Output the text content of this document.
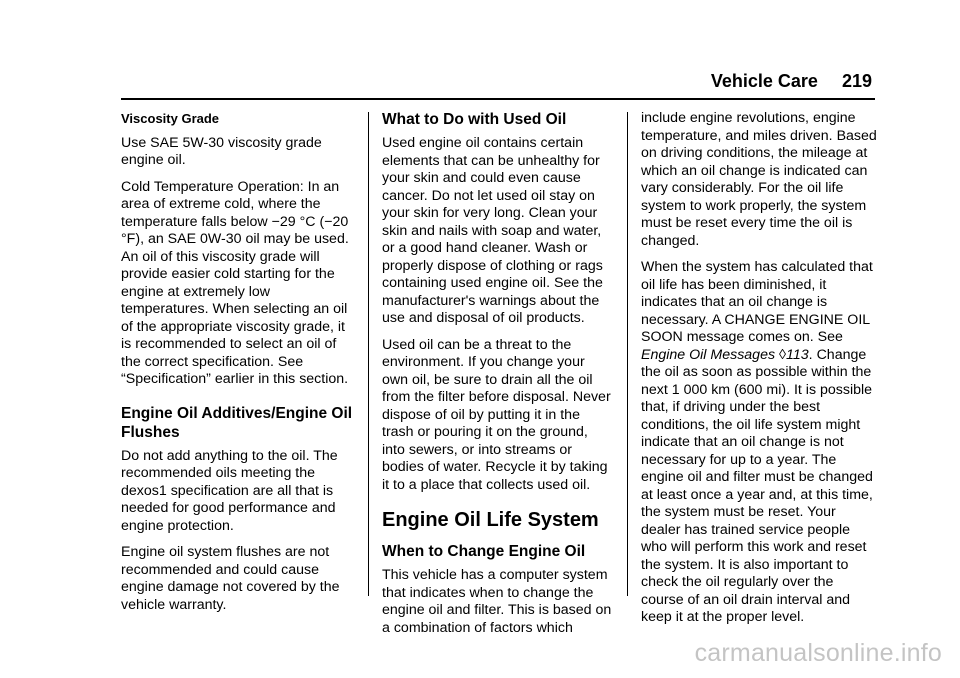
Vehicle Care 219

Viscosity Grade

Use SAE 5W-30 viscosity grade engine oil.

Cold Temperature Operation: In an area of extreme cold, where the temperature falls below −29 °C (−20 °F), an SAE 0W-30 oil may be used. An oil of this viscosity grade will provide easier cold starting for the engine at extremely low temperatures. When selecting an oil of the appropriate viscosity grade, it is recommended to select an oil of the correct specification. See “Specification” earlier in this section.

Engine Oil Additives/Engine Oil Flushes

Do not add anything to the oil. The recommended oils meeting the dexos1 specification are all that is needed for good performance and engine protection.

Engine oil system flushes are not recommended and could cause engine damage not covered by the vehicle warranty.

What to Do with Used Oil

Used engine oil contains certain elements that can be unhealthy for your skin and could even cause cancer. Do not let used oil stay on your skin for very long. Clean your skin and nails with soap and water, or a good hand cleaner. Wash or properly dispose of clothing or rags containing used engine oil. See the manufacturer's warnings about the use and disposal of oil products.

Used oil can be a threat to the environment. If you change your own oil, be sure to drain all the oil from the filter before disposal. Never dispose of oil by putting it in the trash or pouring it on the ground, into sewers, or into streams or bodies of water. Recycle it by taking it to a place that collects used oil.

Engine Oil Life System
When to Change Engine Oil

This vehicle has a computer system that indicates when to change the engine oil and filter. This is based on a combination of factors which

include engine revolutions, engine temperature, and miles driven. Based on driving conditions, the mileage at which an oil change is indicated can vary considerably. For the oil life system to work properly, the system must be reset every time the oil is changed.

When the system has calculated that oil life has been diminished, it indicates that an oil change is necessary. A CHANGE ENGINE OIL SOON message comes on. See Engine Oil Messages ◊113. Change the oil as soon as possible within the next 1 000 km (600 mi). It is possible that, if driving under the best conditions, the oil life system might indicate that an oil change is not necessary for up to a year. The engine oil and filter must be changed at least once a year and, at this time, the system must be reset. Your dealer has trained service people who will perform this work and reset the system. It is also important to check the oil regularly over the course of an oil drain interval and keep it at the proper level.

carmanualsonline.info
